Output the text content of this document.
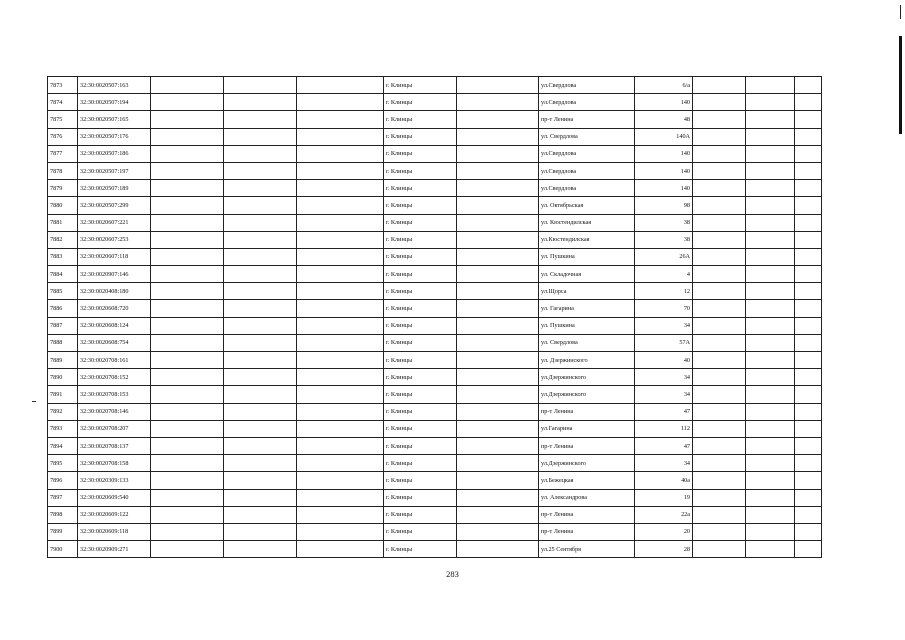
7873	32:30:0020507:163				г. Клинцы		ул.Свердлова	6/a			
7874	32:30:0020507:194				г. Клинцы		ул.Свердлова	140			
7875	32:30:0020507:165				г. Клинцы		пр-т Ленина	48			
7876	32:30:0020507:176				г. Клинцы		ул. Свердлова	140А			
7877	32:30:0020507:186				г. Клинцы		ул.Свердлова	140			
7878	32:30:0020507:197				г. Клинцы		ул.Свердлова	140			
7879	32:30:0020507:189				г. Клинцы		ул.Свердлова	140			
7880	32:30:0020507:299				г. Клинцы		ул. Октябрьская	98			
7881	32:30:0020607:221				г. Клинцы		ул. Кюстендилская	38			
7882	32:30:0020607:253				г. Клинцы		ул.Кюстендилская	38			
7883	32:30:0020607:118				г. Клинцы		ул. Пушкина	26А			
7884	32:30:0020907:146				г. Клинцы		ул. Складочная	4			
7885	32:30:0020408:180				г. Клинцы		ул.Щорса	12			
7886	32:30:0020608:720				г. Клинцы		ул. Гагарина	70			
7887	32:30:0020608:124				г. Клинцы		ул. Пушкина	34			
7888	32:30:0020608:754				г. Клинцы		ул. Свердлова	57А			
7889	32:30:0020708:161				г. Клинцы		ул. Дзержинского	40			
7890	32:30:0020708:152				г. Клинцы		ул.Дзержинского	34			
7891	32:30:0020708:153				г. Клинцы		ул.Дзержинского	34			
7892	32:30:0020708:146				г. Клинцы		пр-т Ленина	47			
7893	32:30:0020708:207				г. Клинцы		ул.Гагарина	112			
7894	32:30:0020708:137				г. Клинцы		пр-т Ленина	47			
7895	32:30:0020708:158				г. Клинцы		ул.Дзержинского	34			
7896	32:30:0020309:133				г. Клинцы		ул.Бежецкая	40а			
7897	32:30:0020609:540				г. Клинцы		ул. Александрова	19			
7898	32:30:0020609:122				г. Клинцы		пр-т Ленина	22а			
7899	32:30:0020609:118				г. Клинцы		пр-т Ленина	20			
7900	32:30:0020909:271				г. Клинцы		ул.25 Сентября	28			
283
